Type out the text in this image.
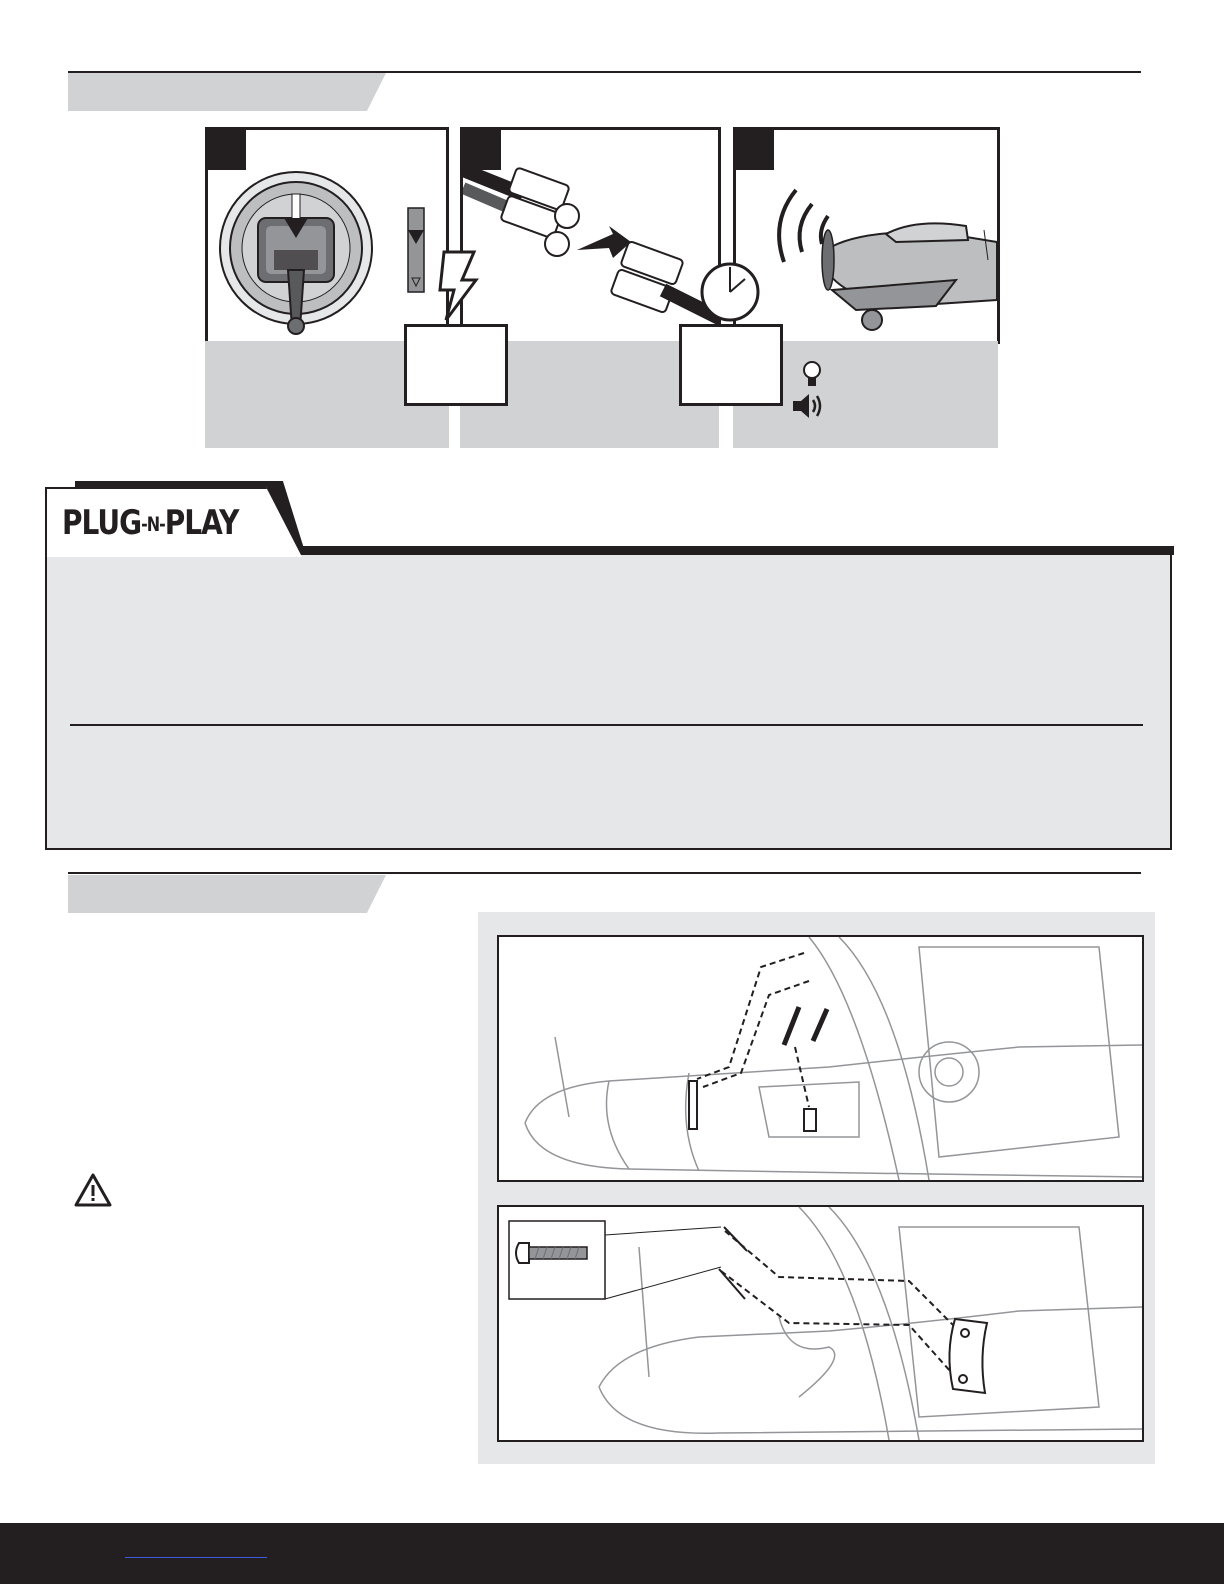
PLUG-N-PLAY
